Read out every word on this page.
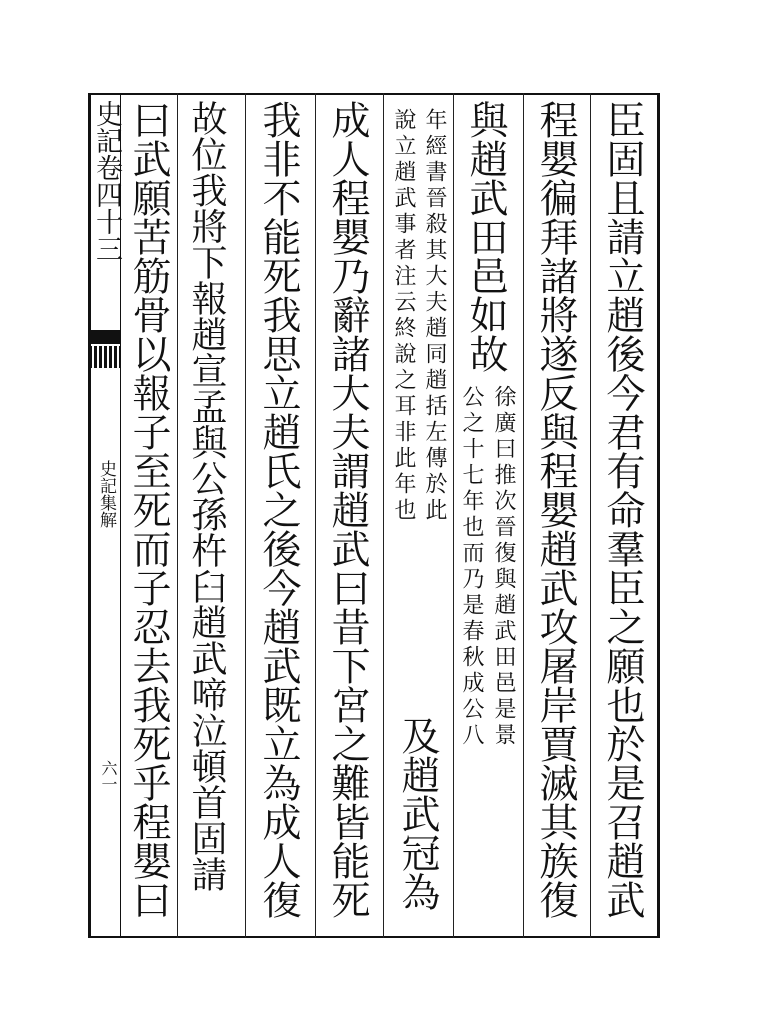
史記卷四十三
史記集解
六一	臣固且請立趙後今君有命羣臣之願也於是召趙武
程嬰徧拜諸將遂反與程嬰趙武攻屠岸賈滅其族復
與趙武田邑如故
徐廣曰推次晉復與趙武田邑是景
公之十七年也而乃是春秋成公八
年經書晉殺其大夫趙同趙括左傳於此
說立趙武事者注云終說之耳非此年也
及趙武冠為
成人程嬰乃辭諸大夫謂趙武曰昔下宮之難皆能死
我非不能死我思立趙氏之後今趙武既立為成人復
故位我將下報趙宣孟與公孫杵臼趙武啼泣頓首固請
曰武願苦筋骨以報子至死而子忍去我死乎程嬰曰
